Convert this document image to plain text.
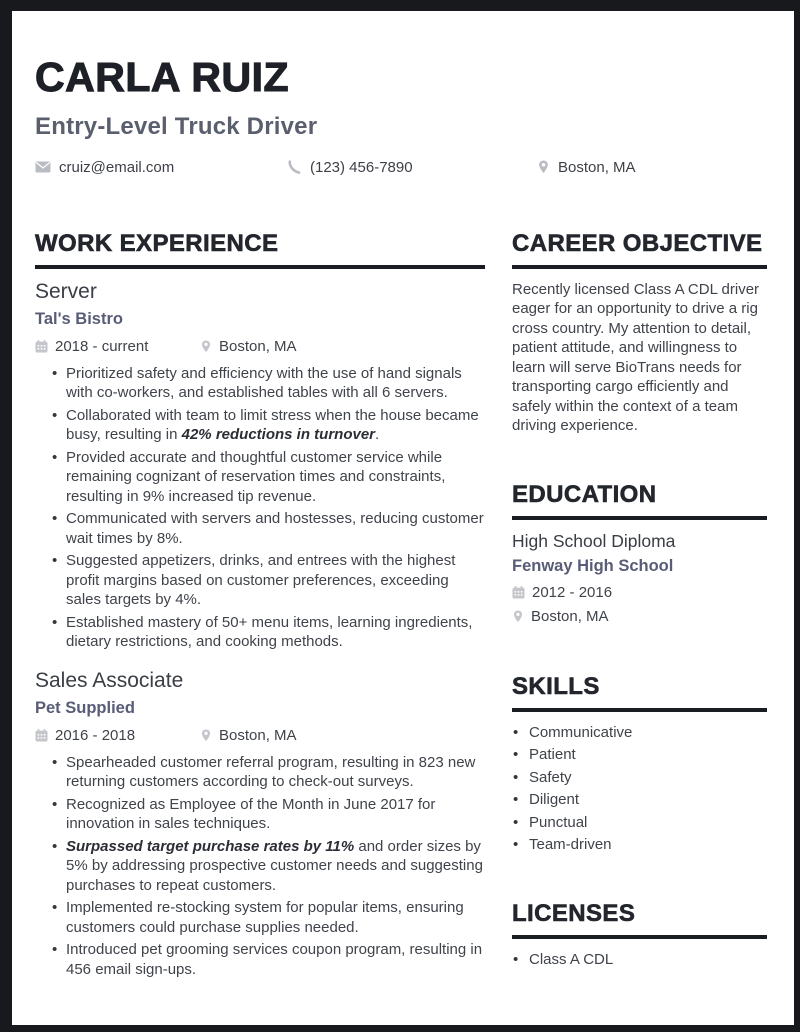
CARLA RUIZ
Entry-Level Truck Driver
cruiz@email.com	(123) 456-7890	Boston, MA
WORK EXPERIENCE
Server
Tal's Bistro
2018 - current	Boston, MA
• Prioritized safety and efficiency with the use of hand signals with co-workers, and established tables with all 6 servers.
• Collaborated with team to limit stress when the house became busy, resulting in 42% reductions in turnover.
• Provided accurate and thoughtful customer service while remaining cognizant of reservation times and constraints, resulting in 9% increased tip revenue.
• Communicated with servers and hostesses, reducing customer wait times by 8%.
• Suggested appetizers, drinks, and entrees with the highest profit margins based on customer preferences, exceeding sales targets by 4%.
• Established mastery of 50+ menu items, learning ingredients, dietary restrictions, and cooking methods.
Sales Associate
Pet Supplied
2016 - 2018	Boston, MA
• Spearheaded customer referral program, resulting in 823 new returning customers according to check-out surveys.
• Recognized as Employee of the Month in June 2017 for innovation in sales techniques.
• Surpassed target purchase rates by 11% and order sizes by 5% by addressing prospective customer needs and suggesting purchases to repeat customers.
• Implemented re-stocking system for popular items, ensuring customers could purchase supplies needed.
• Introduced pet grooming services coupon program, resulting in 456 email sign-ups.
CAREER OBJECTIVE

Recently licensed Class A CDL driver eager for an opportunity to drive a rig cross country. My attention to detail, patient attitude, and willingness to learn will serve BioTrans needs for transporting cargo efficiently and safely within the context of a team driving experience.

EDUCATION
High School Diploma
Fenway High School
2012 - 2016
Boston, MA
SKILLS
• Communicative
• Patient
• Safety
• Diligent
• Punctual
• Team-driven
LICENSES
• Class A CDL
